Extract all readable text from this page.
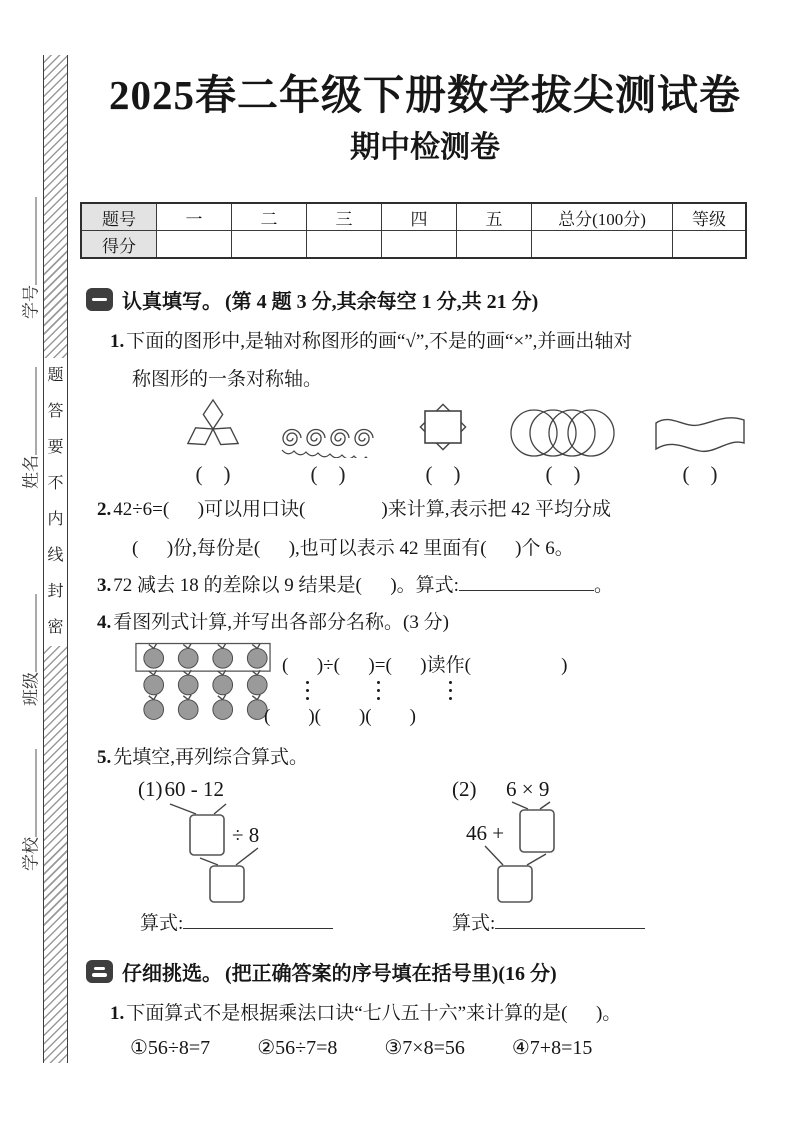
学号
姓名
班级
学校
题
答
要
不
内
线
封
密
2025春二年级下册数学拔尖测试卷
期中检测卷
题号	一	二	三	四	五	总分(100分)	等级
得分							
认真填写。 (第 4 题 3 分,其余每空 1 分,共 21 分)
1. 下面的图形中,是轴对称图形的画“√”,不是的画“×”,并画出轴对
称图形的一条对称轴。
(    )	(    )	(    )	(    )	(    )
2. 42÷6=(      )可以用口诀(                )来计算,表示把 42 平均分成
(      )份,每份是(      ),也可以表示 42 里面有(      )个 6。
3. 72 减去 18 的差除以 9 结果是(      )。算式:	。
4. 看图列式计算,并写出各部分名称。(3 分)
(      )÷(      )=(      )读作(                   )
(        )(        )(        )
5. 先填空,再列综合算式。
(1)60 - 12
÷ 8
(2) 6 × 9
46 +
算式:	算式:
仔细挑选。 (把正确答案的序号填在括号里)(16 分)
1. 下面算式不是根据乘法口诀“七八五十六”来计算的是(      )。
①56÷8=7 ②56÷7=8 ③7×8=56 ④7+8=15
